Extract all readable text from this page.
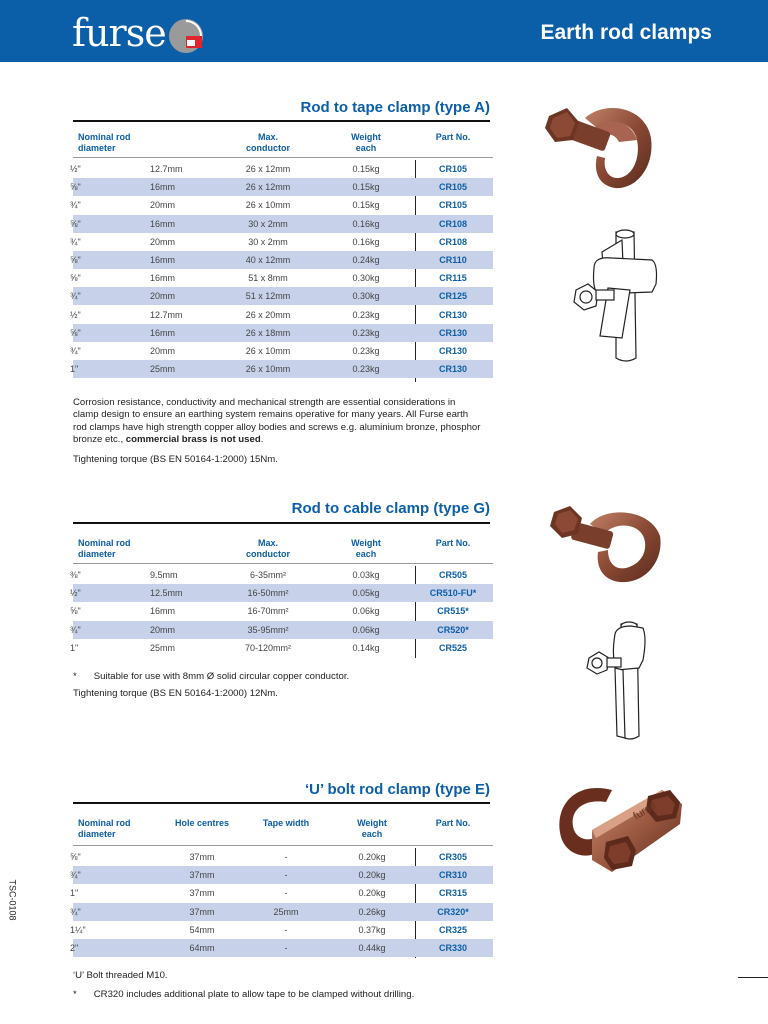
furse	Earth rod clamps
Rod to tape clamp (type A)
Nominal rod
diameter
Max.
conductor
Weight
each
Part No.
½"	12.7mm	26 x 12mm	0.15kg	CR105
⅝"	16mm	26 x 12mm	0.15kg	CR105
¾"	20mm	26 x 10mm	0.15kg	CR105
⅝"	16mm	30 x 2mm	0.16kg	CR108
¾"	20mm	30 x 2mm	0.16kg	CR108
⅝"	16mm	40 x 12mm	0.24kg	CR110
⅝"	16mm	51 x 8mm	0.30kg	CR115
¾"	20mm	51 x 12mm	0.30kg	CR125
½"	12.7mm	26 x 20mm	0.23kg	CR130
⅝"	16mm	26 x 18mm	0.23kg	CR130
¾"	20mm	26 x 10mm	0.23kg	CR130
1"	25mm	26 x 10mm	0.23kg	CR130
Corrosion resistance, conductivity and mechanical strength are essential considerations in clamp design to ensure an earthing system remains operative for many years. All Furse earth rod clamps have high strength copper alloy bodies and screws e.g. aluminium bronze, phosphor bronze etc., commercial brass is not used.
Tightening torque (BS EN 50164-1:2000) 15Nm.
Rod to cable clamp (type G)
Nominal rod
diameter
Max.
conductor
Weight
each
Part No.
⅜"	9.5mm	6-35mm²	0.03kg	CR505
½"	12.5mm	16-50mm²	0.05kg	CR510-FU*
⅝"	16mm	16-70mm²	0.06kg	CR515*
¾"	20mm	35-95mm²	0.06kg	CR520*
1"	25mm	70-120mm²	0.14kg	CR525
* Suitable for use with 8mm Ø solid circular copper conductor.
Tightening torque (BS EN 50164-1:2000) 12Nm.
‘U’ bolt rod clamp (type E)
Nominal rod
diameter
Hole centres	Tape width	Weight
each
Part No.
⅝"	37mm	-	0.20kg	CR305
¾"	37mm	-	0.20kg	CR310
1"	37mm	-	0.20kg	CR315
¾"	37mm	25mm	0.26kg	CR320*
1¼"	54mm	-	0.37kg	CR325
2"	64mm	-	0.44kg	CR330
‘U’ Bolt threaded M10.
* CR320 includes additional plate to allow tape to be clamped without drilling.
furse
TSC-0108
